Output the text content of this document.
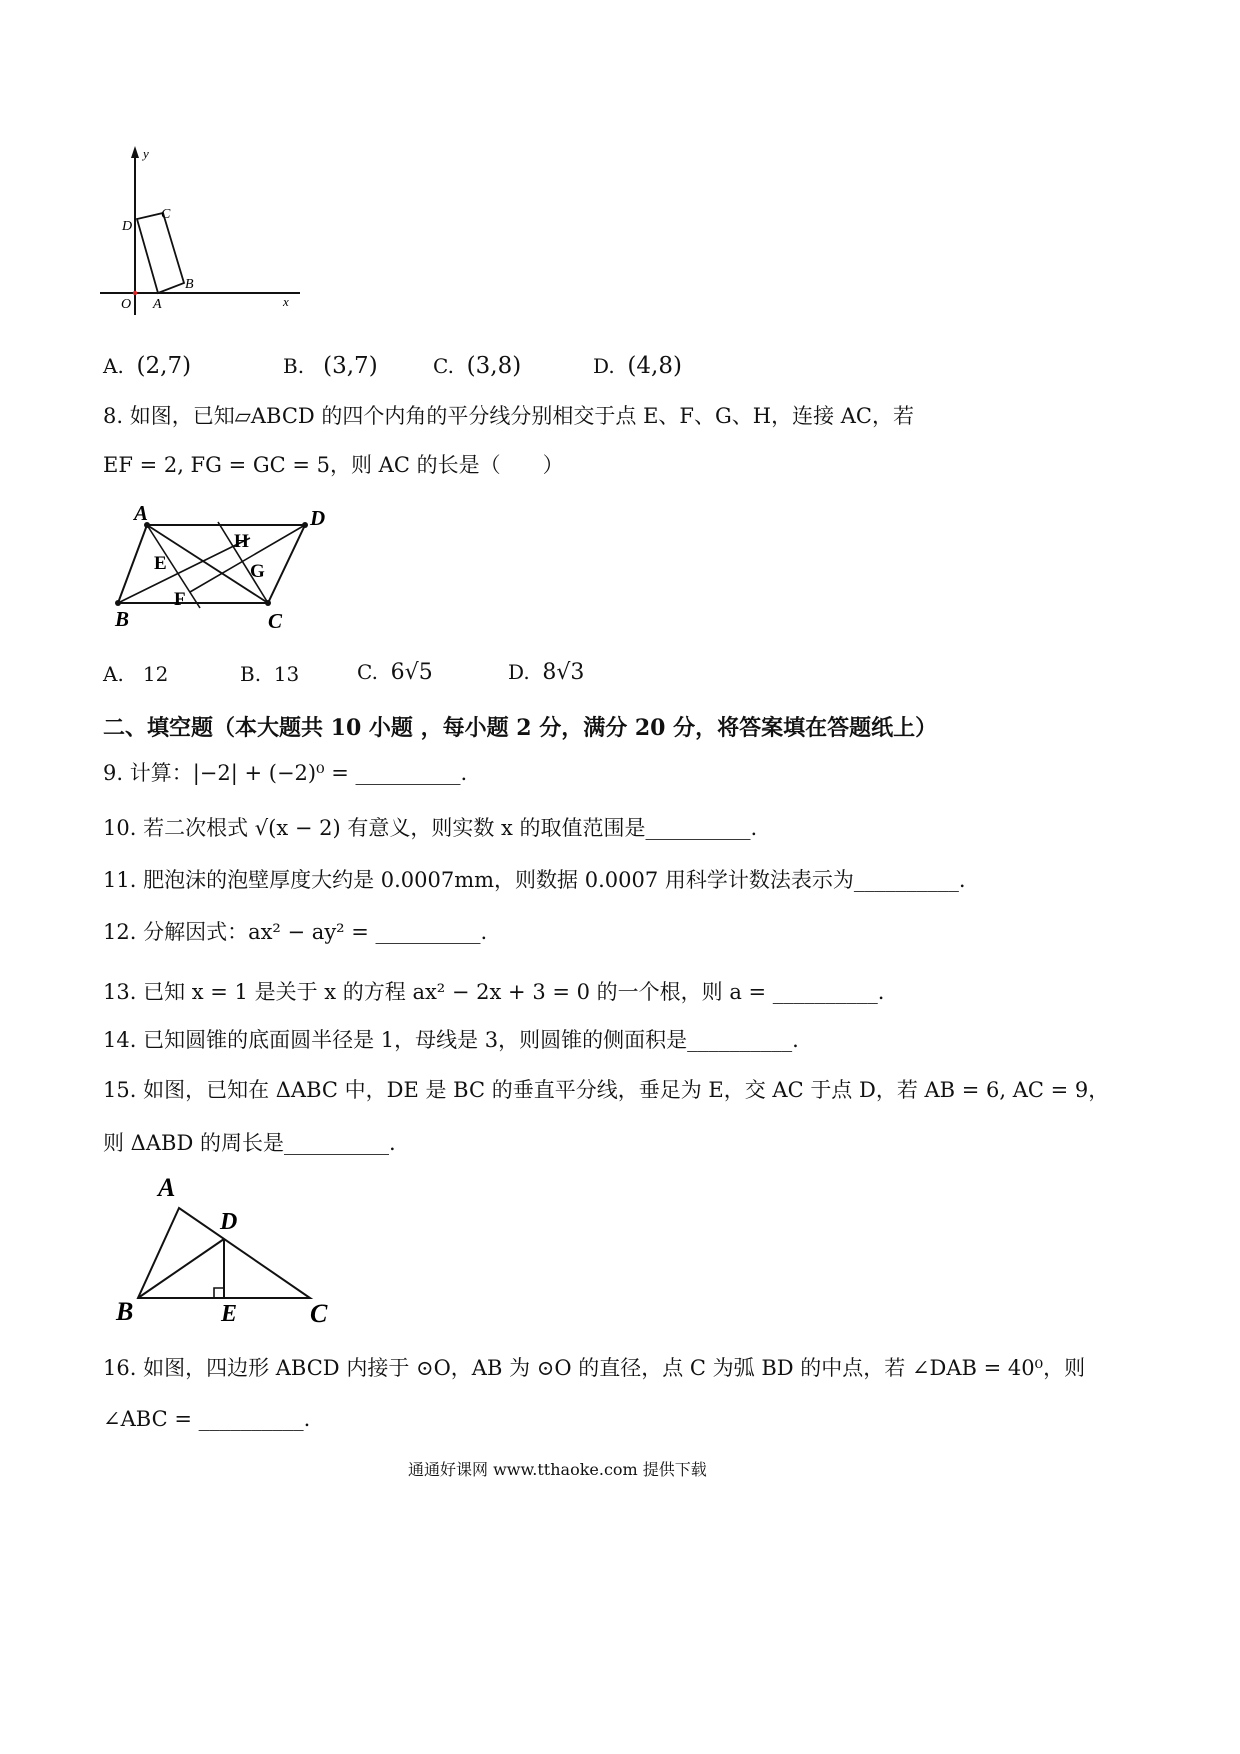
y
x
O A
B
C
D
A. (2,7)	B. (3,7)	C. (3,8)	D. (4,8)
8. 如图，已知▱ABCD 的四个内角的平分线分别相交于点 E、F、G、H，连接 AC，若
EF = 2, FG = GC = 5，则 AC 的长是（　　）
A	D
B	C
E
F
G
H
A. 12	B. 13	C. 6√5	D. 8√3
二、填空题（本大题共 10 小题 ，每小题 2 分，满分 20 分，将答案填在答题纸上）
9. 计算：|−2| + (−2)⁰ = __________.
10. 若二次根式 √(x − 2) 有意义，则实数 x 的取值范围是__________.
11. 肥泡沫的泡壁厚度大约是 0.0007mm，则数据 0.0007 用科学计数法表示为__________.
12. 分解因式：ax² − ay² = __________.
13. 已知 x = 1 是关于 x 的方程 ax² − 2x + 3 = 0 的一个根，则 a = __________.
14. 已知圆锥的底面圆半径是 1，母线是 3，则圆锥的侧面积是__________.
15. 如图，已知在 ΔABC 中，DE 是 BC 的垂直平分线，垂足为 E，交 AC 于点 D，若 AB = 6, AC = 9，
则 ΔABD 的周长是__________.
A
D
B	E	C
16. 如图，四边形 ABCD 内接于 ⊙O，AB 为 ⊙O 的直径，点 C 为弧 BD 的中点，若 ∠DAB = 40⁰，则
∠ABC = __________.
通通好课网 www.tthaoke.com 提供下载
